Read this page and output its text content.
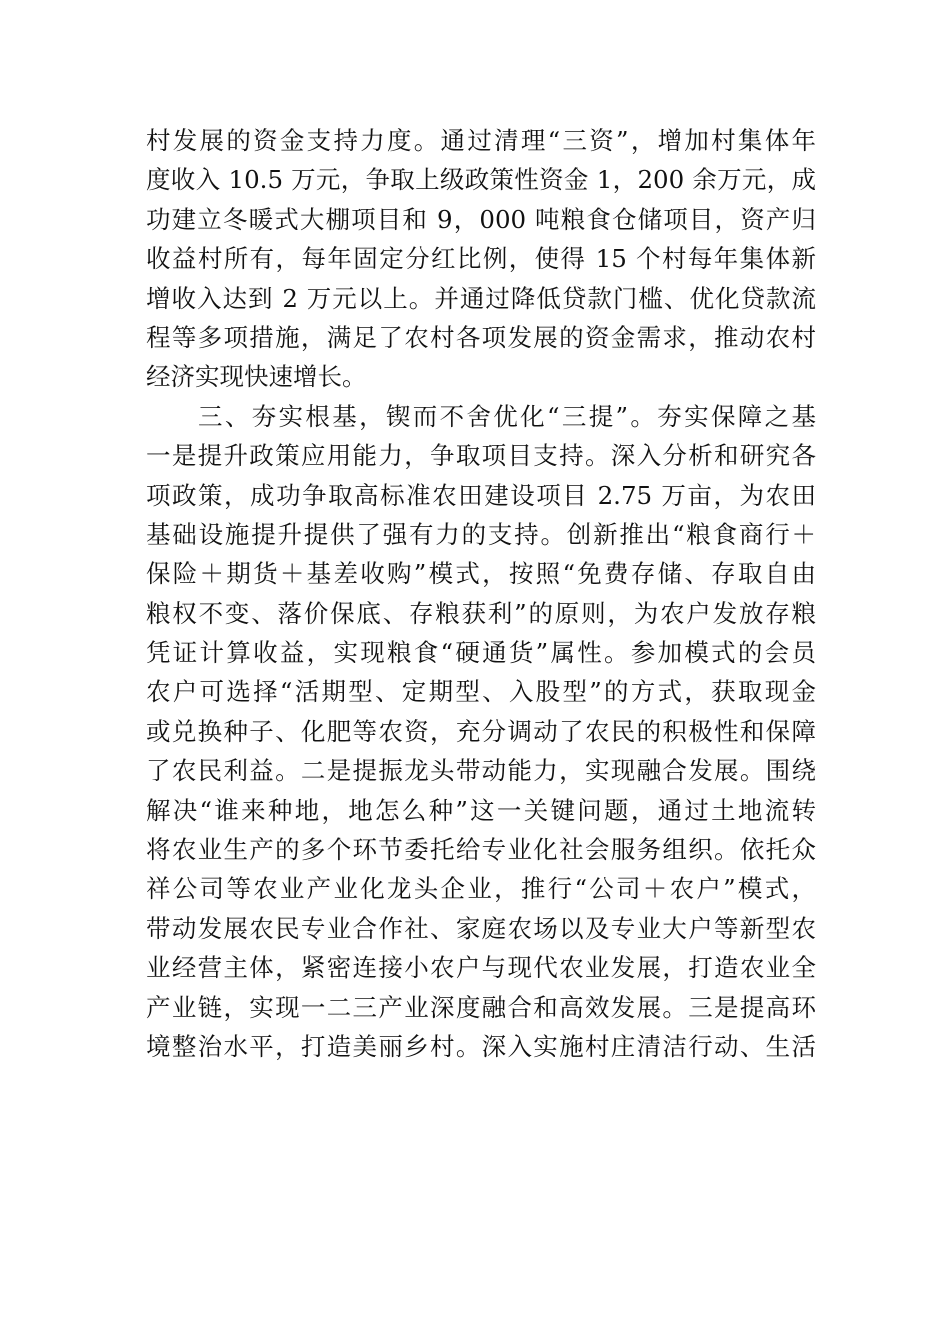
村发展的资金支持力度。通过清理“三资”，增加村集体年
度收入 10.5 万元，争取上级政策性资金 1，200 余万元，成
功建立冬暖式大棚项目和 9，000 吨粮食仓储项目，资产归
收益村所有，每年固定分红比例，使得 15 个村每年集体新
增收入达到 2 万元以上。并通过降低贷款门槛、优化贷款流
程等多项措施，满足了农村各项发展的资金需求，推动农村
经济实现快速增长。
三、夯实根基，锲而不舍优化“三提”。夯实保障之基
一是提升政策应用能力，争取项目支持。深入分析和研究各
项政策，成功争取高标准农田建设项目 2.75 万亩，为农田
基础设施提升提供了强有力的支持。创新推出“粮食商行＋
保险＋期货＋基差收购”模式，按照“免费存储、存取自由
粮权不变、落价保底、存粮获利”的原则，为农户发放存粮
凭证计算收益，实现粮食“硬通货”属性。参加模式的会员
农户可选择“活期型、定期型、入股型”的方式，获取现金
或兑换种子、化肥等农资，充分调动了农民的积极性和保障
了农民利益。二是提振龙头带动能力，实现融合发展。围绕
解决“谁来种地，地怎么种”这一关键问题，通过土地流转
将农业生产的多个环节委托给专业化社会服务组织。依托众
祥公司等农业产业化龙头企业，推行“公司＋农户”模式，
带动发展农民专业合作社、家庭农场以及专业大户等新型农
业经营主体，紧密连接小农户与现代农业发展，打造农业全
产业链，实现一二三产业深度融合和高效发展。三是提高环
境整治水平，打造美丽乡村。深入实施村庄清洁行动、生活
